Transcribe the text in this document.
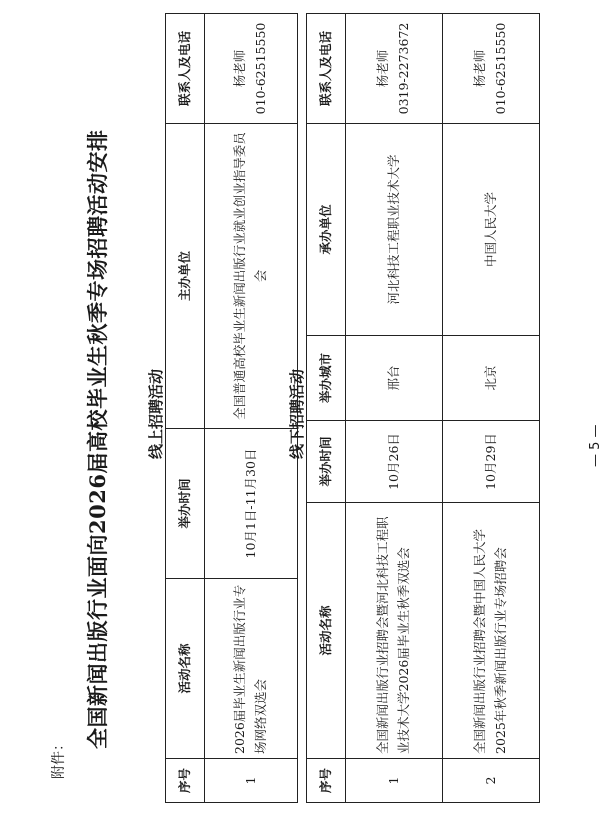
附件：
全国新闻出版行业面向2026届高校毕业生秋季专场招聘活动安排 线上招聘活动
序号	活动名称	举办时间	主办单位	联系人及电话
1	2026届毕业生新闻出版行业专场网络双选会	10月1日-11月30日	全国普通高校毕业生新闻出版行业就业创业指导委员会	杨老师 010-62515550
线下招聘活动
序号	活动名称	举办时间	举办城市	承办单位	联系人及电话
1	全国新闻出版行业招聘会暨河北科技工程职业技术大学2026届毕业生秋季双选会	10月26日	邢台	河北科技工程职业技术大学	杨老师 0319-2273672

2	全国新闻出版行业招聘会暨中国人民大学2025年秋季新闻出版行业专场招聘会	10月29日	北京	中国人民大学	杨老师 010-62515550
— 5 —
